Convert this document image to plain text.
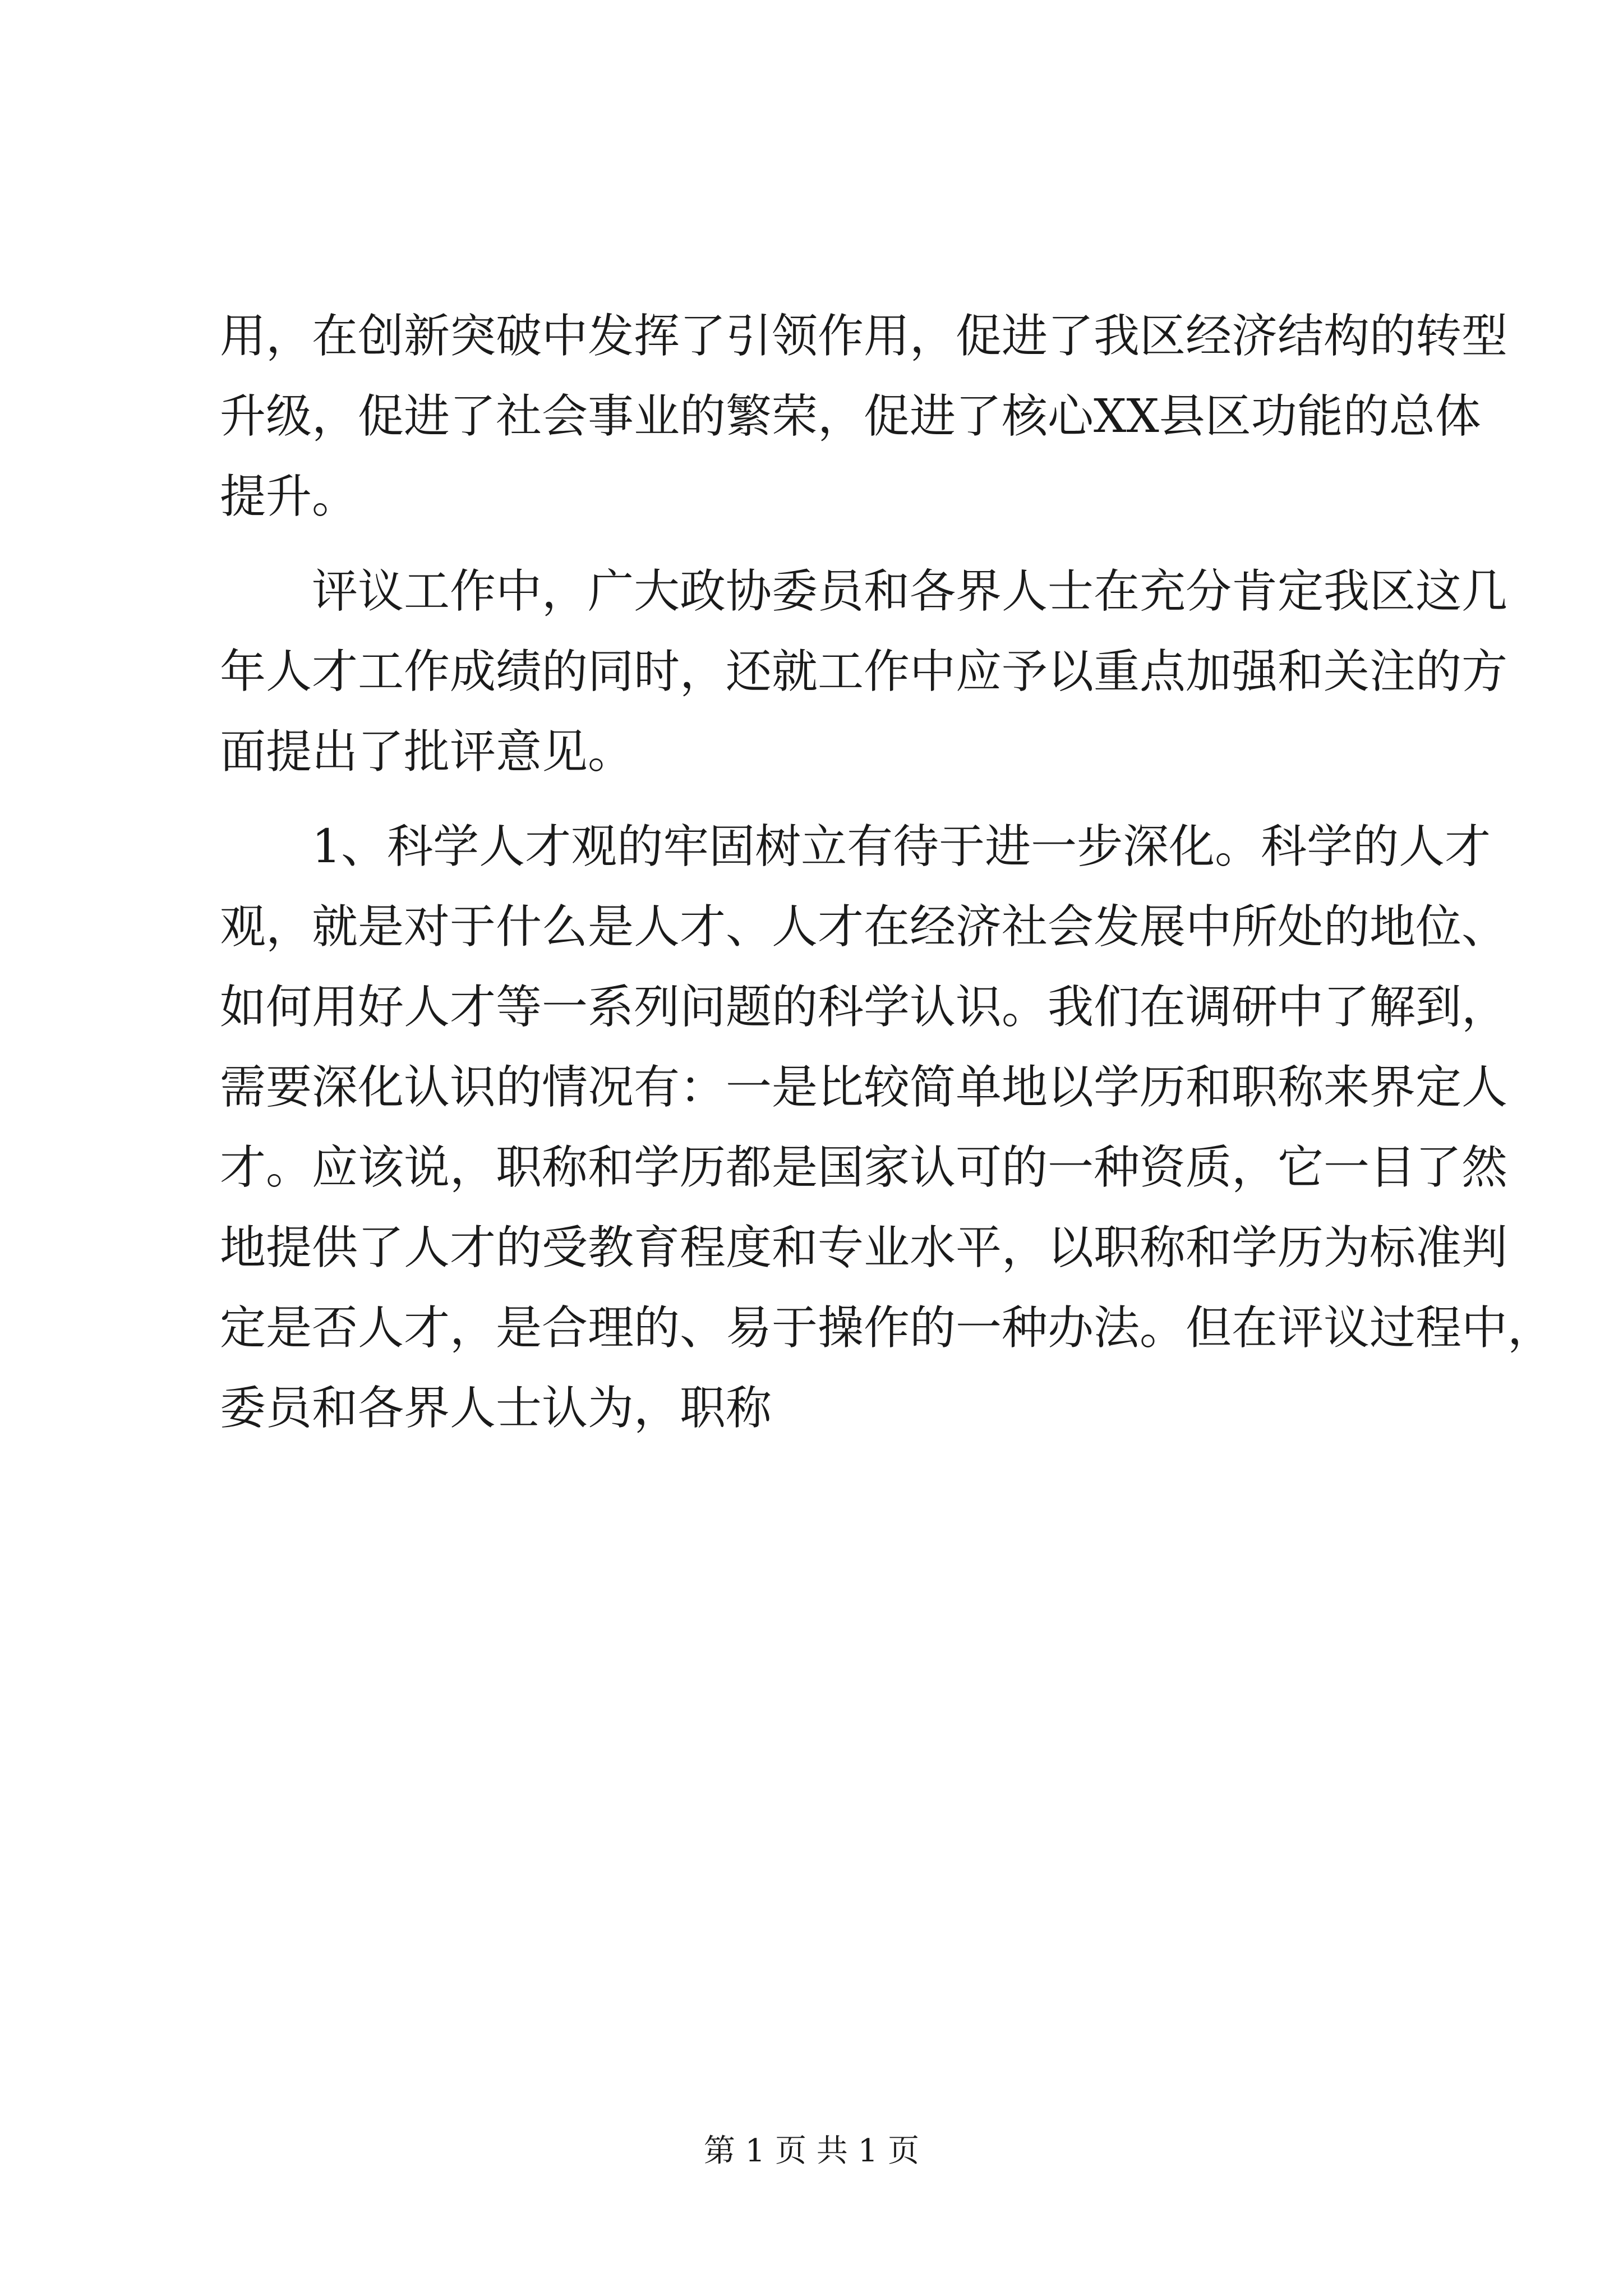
用，在创新突破中发挥了引领作用，促进了我区经济结构的转型
升级，促进了社会事业的繁荣，促进了核心XX县区功能的总体
提升。
评议工作中，广大政协委员和各界人士在充分肯定我区这几
年人才工作成绩的同时，还就工作中应予以重点加强和关注的方
面提出了批评意见。
1、科学人才观的牢固树立有待于进一步深化。科学的人才
观，就是对于什么是人才、人才在经济社会发展中所处的地位、
如何用好人才等一系列问题的科学认识。我们在调研中了解到，
需要深化认识的情况有：一是比较简单地以学历和职称来界定人
才。应该说，职称和学历都是国家认可的一种资质，它一目了然
地提供了人才的受教育程度和专业水平，以职称和学历为标准判
定是否人才，是合理的、易于操作的一种办法。但在评议过程中，
委员和各界人士认为，职称
第 1 页 共 1 页
